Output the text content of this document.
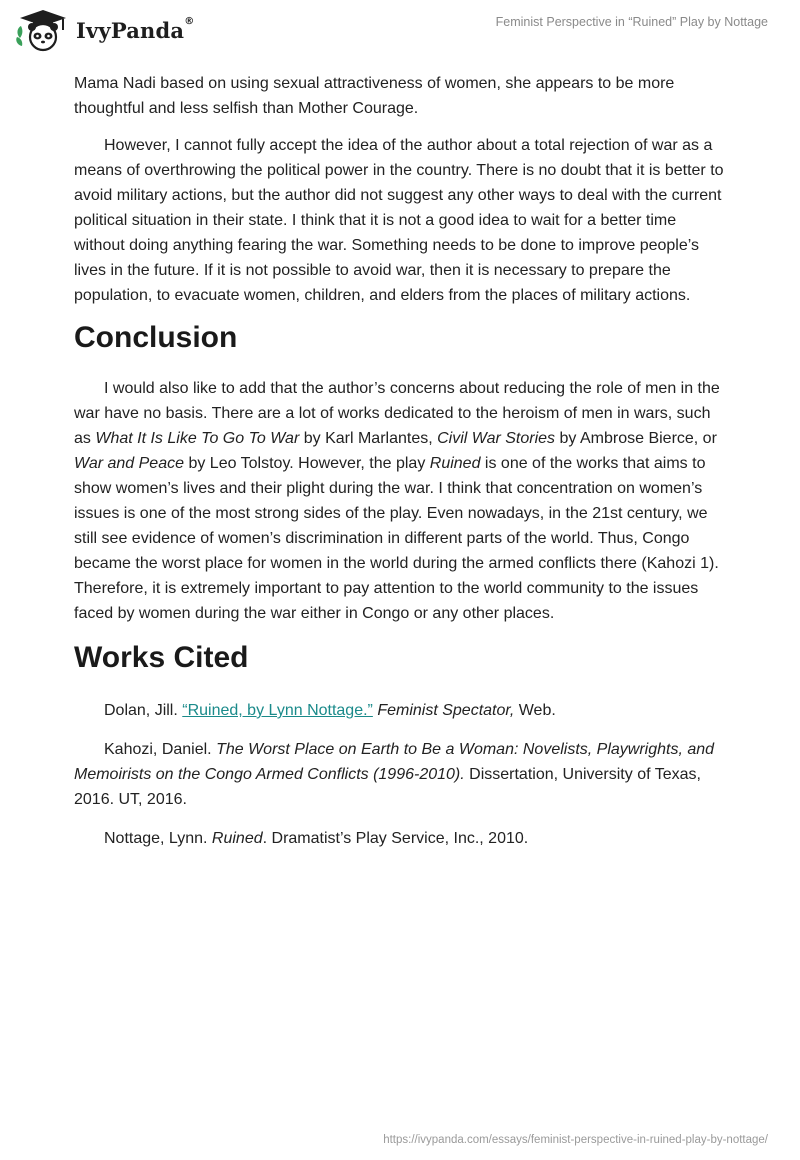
IvyPanda®	Feminist Perspective in “Ruined” Play by Nottage

Mama Nadi based on using sexual attractiveness of women, she appears to be more thoughtful and less selfish than Mother Courage.

However, I cannot fully accept the idea of the author about a total rejection of war as a means of overthrowing the political power in the country. There is no doubt that it is better to avoid military actions, but the author did not suggest any other ways to deal with the current political situation in their state. I think that it is not a good idea to wait for a better time without doing anything fearing the war. Something needs to be done to improve people’s lives in the future. If it is not possible to avoid war, then it is necessary to prepare the population, to evacuate women, children, and elders from the places of military actions.

Conclusion

I would also like to add that the author’s concerns about reducing the role of men in the war have no basis. There are a lot of works dedicated to the heroism of men in wars, such as What It Is Like To Go To War by Karl Marlantes, Civil War Stories by Ambrose Bierce, or War and Peace by Leo Tolstoy. However, the play Ruined is one of the works that aims to show women’s lives and their plight during the war. I think that concentration on women’s issues is one of the most strong sides of the play. Even nowadays, in the 21st century, we still see evidence of women’s discrimination in different parts of the world. Thus, Congo became the worst place for women in the world during the armed conflicts there (Kahozi 1). Therefore, it is extremely important to pay attention to the world community to the issues faced by women during the war either in Congo or any other places.

Works Cited

Dolan, Jill. “Ruined, by Lynn Nottage.” Feminist Spectator, Web.

Kahozi, Daniel. The Worst Place on Earth to Be a Woman: Novelists, Playwrights, and Memoirists on the Congo Armed Conflicts (1996-2010). Dissertation, University of Texas, 2016. UT, 2016.

Nottage, Lynn. Ruined. Dramatist’s Play Service, Inc., 2010.

https://ivypanda.com/essays/feminist-perspective-in-ruined-play-by-nottage/
